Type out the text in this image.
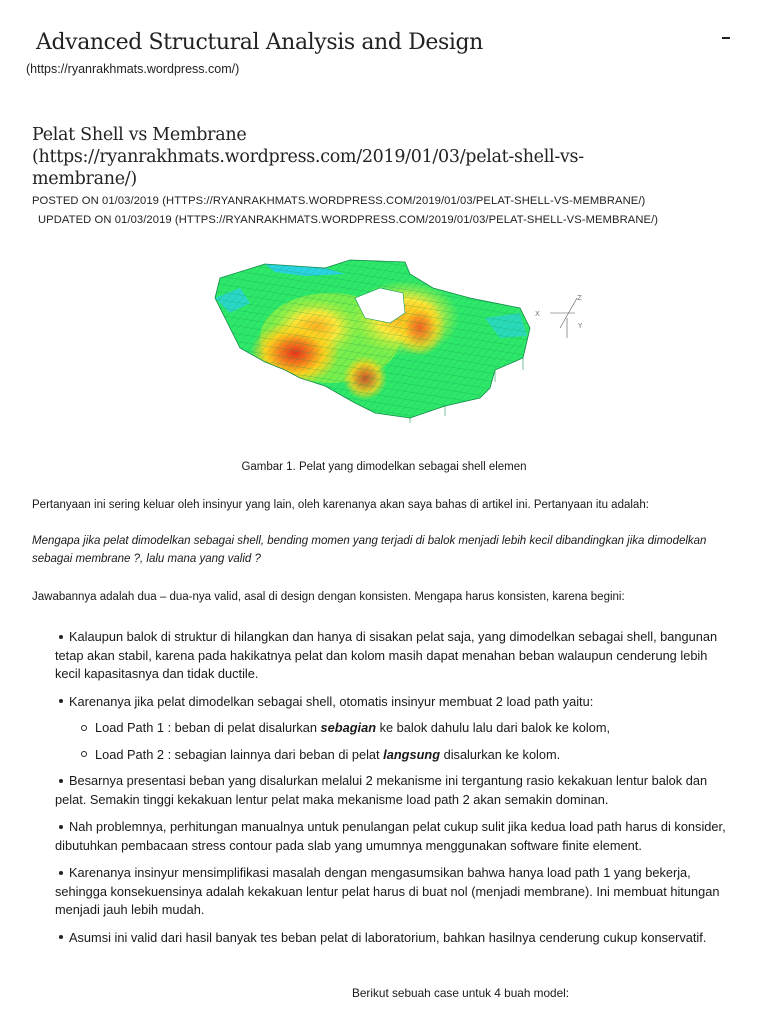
Advanced Structural Analysis and Design
(https://ryanrakhmats.wordpress.com/)
Pelat Shell vs Membrane
(https://ryanrakhmats.wordpress.com/2019/01/03/pelat-shell-vs-membrane/)
POSTED ON 01/03/2019 (HTTPS://RYANRAKHMATS.WORDPRESS.COM/2019/01/03/PELAT-SHELL-VS-MEMBRANE/)
UPDATED ON 01/03/2019 (HTTPS://RYANRAKHMATS.WORDPRESS.COM/2019/01/03/PELAT-SHELL-VS-MEMBRANE/)
X
Y
Z
Gambar 1. Pelat yang dimodelkan sebagai shell elemen

Pertanyaan ini sering keluar oleh insinyur yang lain, oleh karenanya akan saya bahas di artikel ini. Pertanyaan itu adalah:

Mengapa jika pelat dimodelkan sebagai shell, bending momen yang terjadi di balok menjadi lebih kecil dibandingkan jika dimodelkan sebagai membrane ?, lalu mana yang valid ?

Jawabannya adalah dua – dua-nya valid, asal di design dengan konsisten. Mengapa harus konsisten, karena begini:

Kalaupun balok di struktur di hilangkan dan hanya di sisakan pelat saja, yang dimodelkan sebagai shell, bangunan tetap akan stabil, karena pada hakikatnya pelat dan kolom masih dapat menahan beban walaupun cenderung lebih kecil kapasitasnya dan tidak ductile.
Karenanya jika pelat dimodelkan sebagai shell, otomatis insinyur membuat 2 load path yaitu:
Load Path 1 : beban di pelat disalurkan sebagian ke balok dahulu lalu dari balok ke kolom,
Load Path 2 : sebagian lainnya dari beban di pelat langsung disalurkan ke kolom.
Besarnya presentasi beban yang disalurkan melalui 2 mekanisme ini tergantung rasio kekakuan lentur balok dan pelat. Semakin tinggi kekakuan lentur pelat maka mekanisme load path 2 akan semakin dominan.
Nah problemnya, perhitungan manualnya untuk penulangan pelat cukup sulit jika kedua load path harus di konsider, dibutuhkan pembacaan stress contour pada slab yang umumnya menggunakan software finite element.
Karenanya insinyur mensimplifikasi masalah dengan mengasumsikan bahwa hanya load path 1 yang bekerja, sehingga konsekuensinya adalah kekakuan lentur pelat harus di buat nol (menjadi membrane). Ini membuat hitungan menjadi jauh lebih mudah.
Asumsi ini valid dari hasil banyak tes beban pelat di laboratorium, bahkan hasilnya cenderung cukup konservatif.
Berikut sebuah case untuk 4 buah model:
